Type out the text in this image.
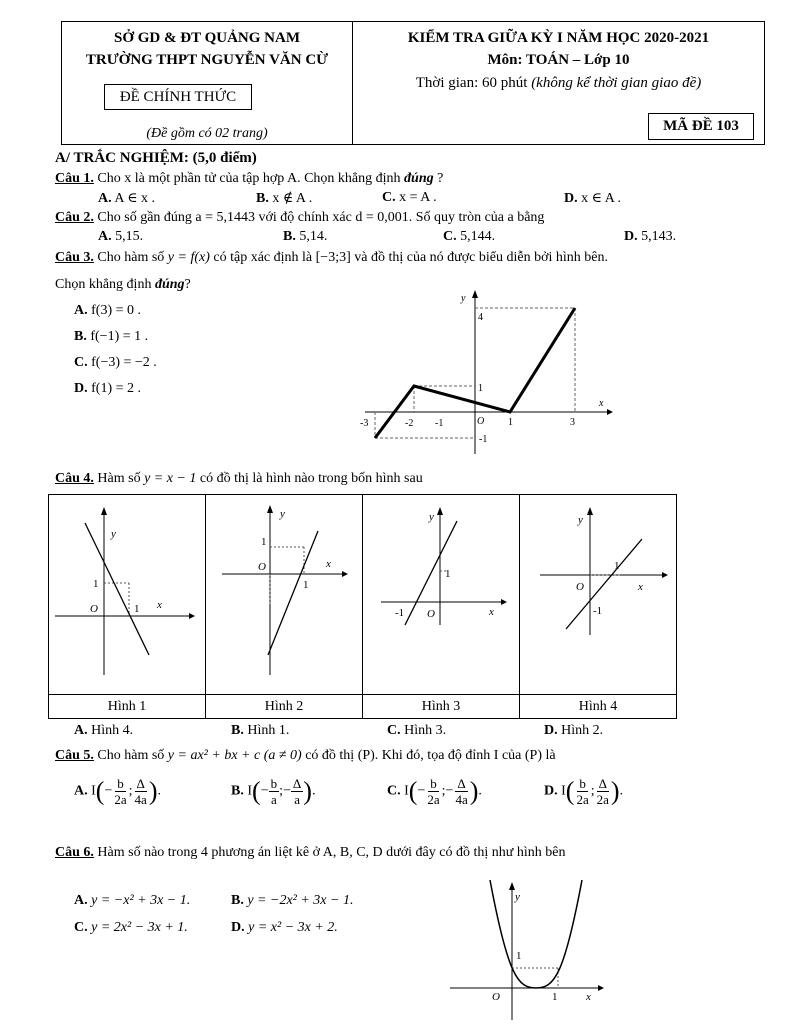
SỞ GD & ĐT QUẢNG NAM
TRƯỜNG THPT NGUYỄN VĂN CỪ
ĐỀ CHÍNH THỨC
(Đề gồm có 02 trang)
KIỂM TRA GIỮA KỲ I NĂM HỌC 2020-2021
Môn: TOÁN – Lớp 10
Thời gian: 60 phút (không kể thời gian giao đề)
MÃ ĐỀ 103
A/ TRẮC NGHIỆM: (5,0 điểm)
Câu 1. Cho x là một phần tử của tập hợp A. Chọn khẳng định đúng ?
A. A ∈ x .	B. x ∉ A .	C. x = A .	D. x ∈ A .
Câu 2. Cho số gần đúng a = 5,1443 với độ chính xác d = 0,001. Số quy tròn của a bằng
A. 5,15.	B. 5,14.	C. 5,144.	D. 5,143.
Câu 3. Cho hàm số y = f(x) có tập xác định là [−3;3] và đồ thị của nó được biểu diễn bởi hình bên.
Chọn khẳng định đúng?
A. f(3) = 0 .
B. f(−1) = 1 .
C. f(−3) = −2 .
D. f(1) = 2 .
y
x
O
-3	-2 -1	1	3
4
1
-1
Câu 4. Hàm số y = x − 1 có đồ thị là hình nào trong bốn hình sau
y
x
O
1
1	y
x
O
1
1	y
x
O
1
-1	y
x
O
1
-1

Hình 1	Hình 2	Hình 3	Hình 4
A. Hình 4.	B. Hình 1.	C. Hình 3.	D. Hình 2.
Câu 5. Cho hàm số y = ax² + bx + c (a ≠ 0) có đồ thị (P). Khi đó, tọa độ đỉnh I của (P) là
A. $I(- \frac{b}{2a}$ ; $\frac{\Delta}{4a}$ ).	B. $I(- \frac{b}{a}$ ;− $\frac{\Delta}{a}$ ).	C. $I(- \frac{b}{2a}$ ;− $\frac{\Delta}{4a}$ ).	D. $I( \frac{b}{2a}$ ; $\frac{\Delta}{2a}$ ).
Câu 6. Hàm số nào trong 4 phương án liệt kê ở A, B, C, D dưới đây có đồ thị như hình bên
A. y = −x² + 3x − 1.	B. y = −2x² + 3x − 1.
C. y = 2x² − 3x + 1.	D. y = x² − 3x + 2.
y
x
O
1
1
